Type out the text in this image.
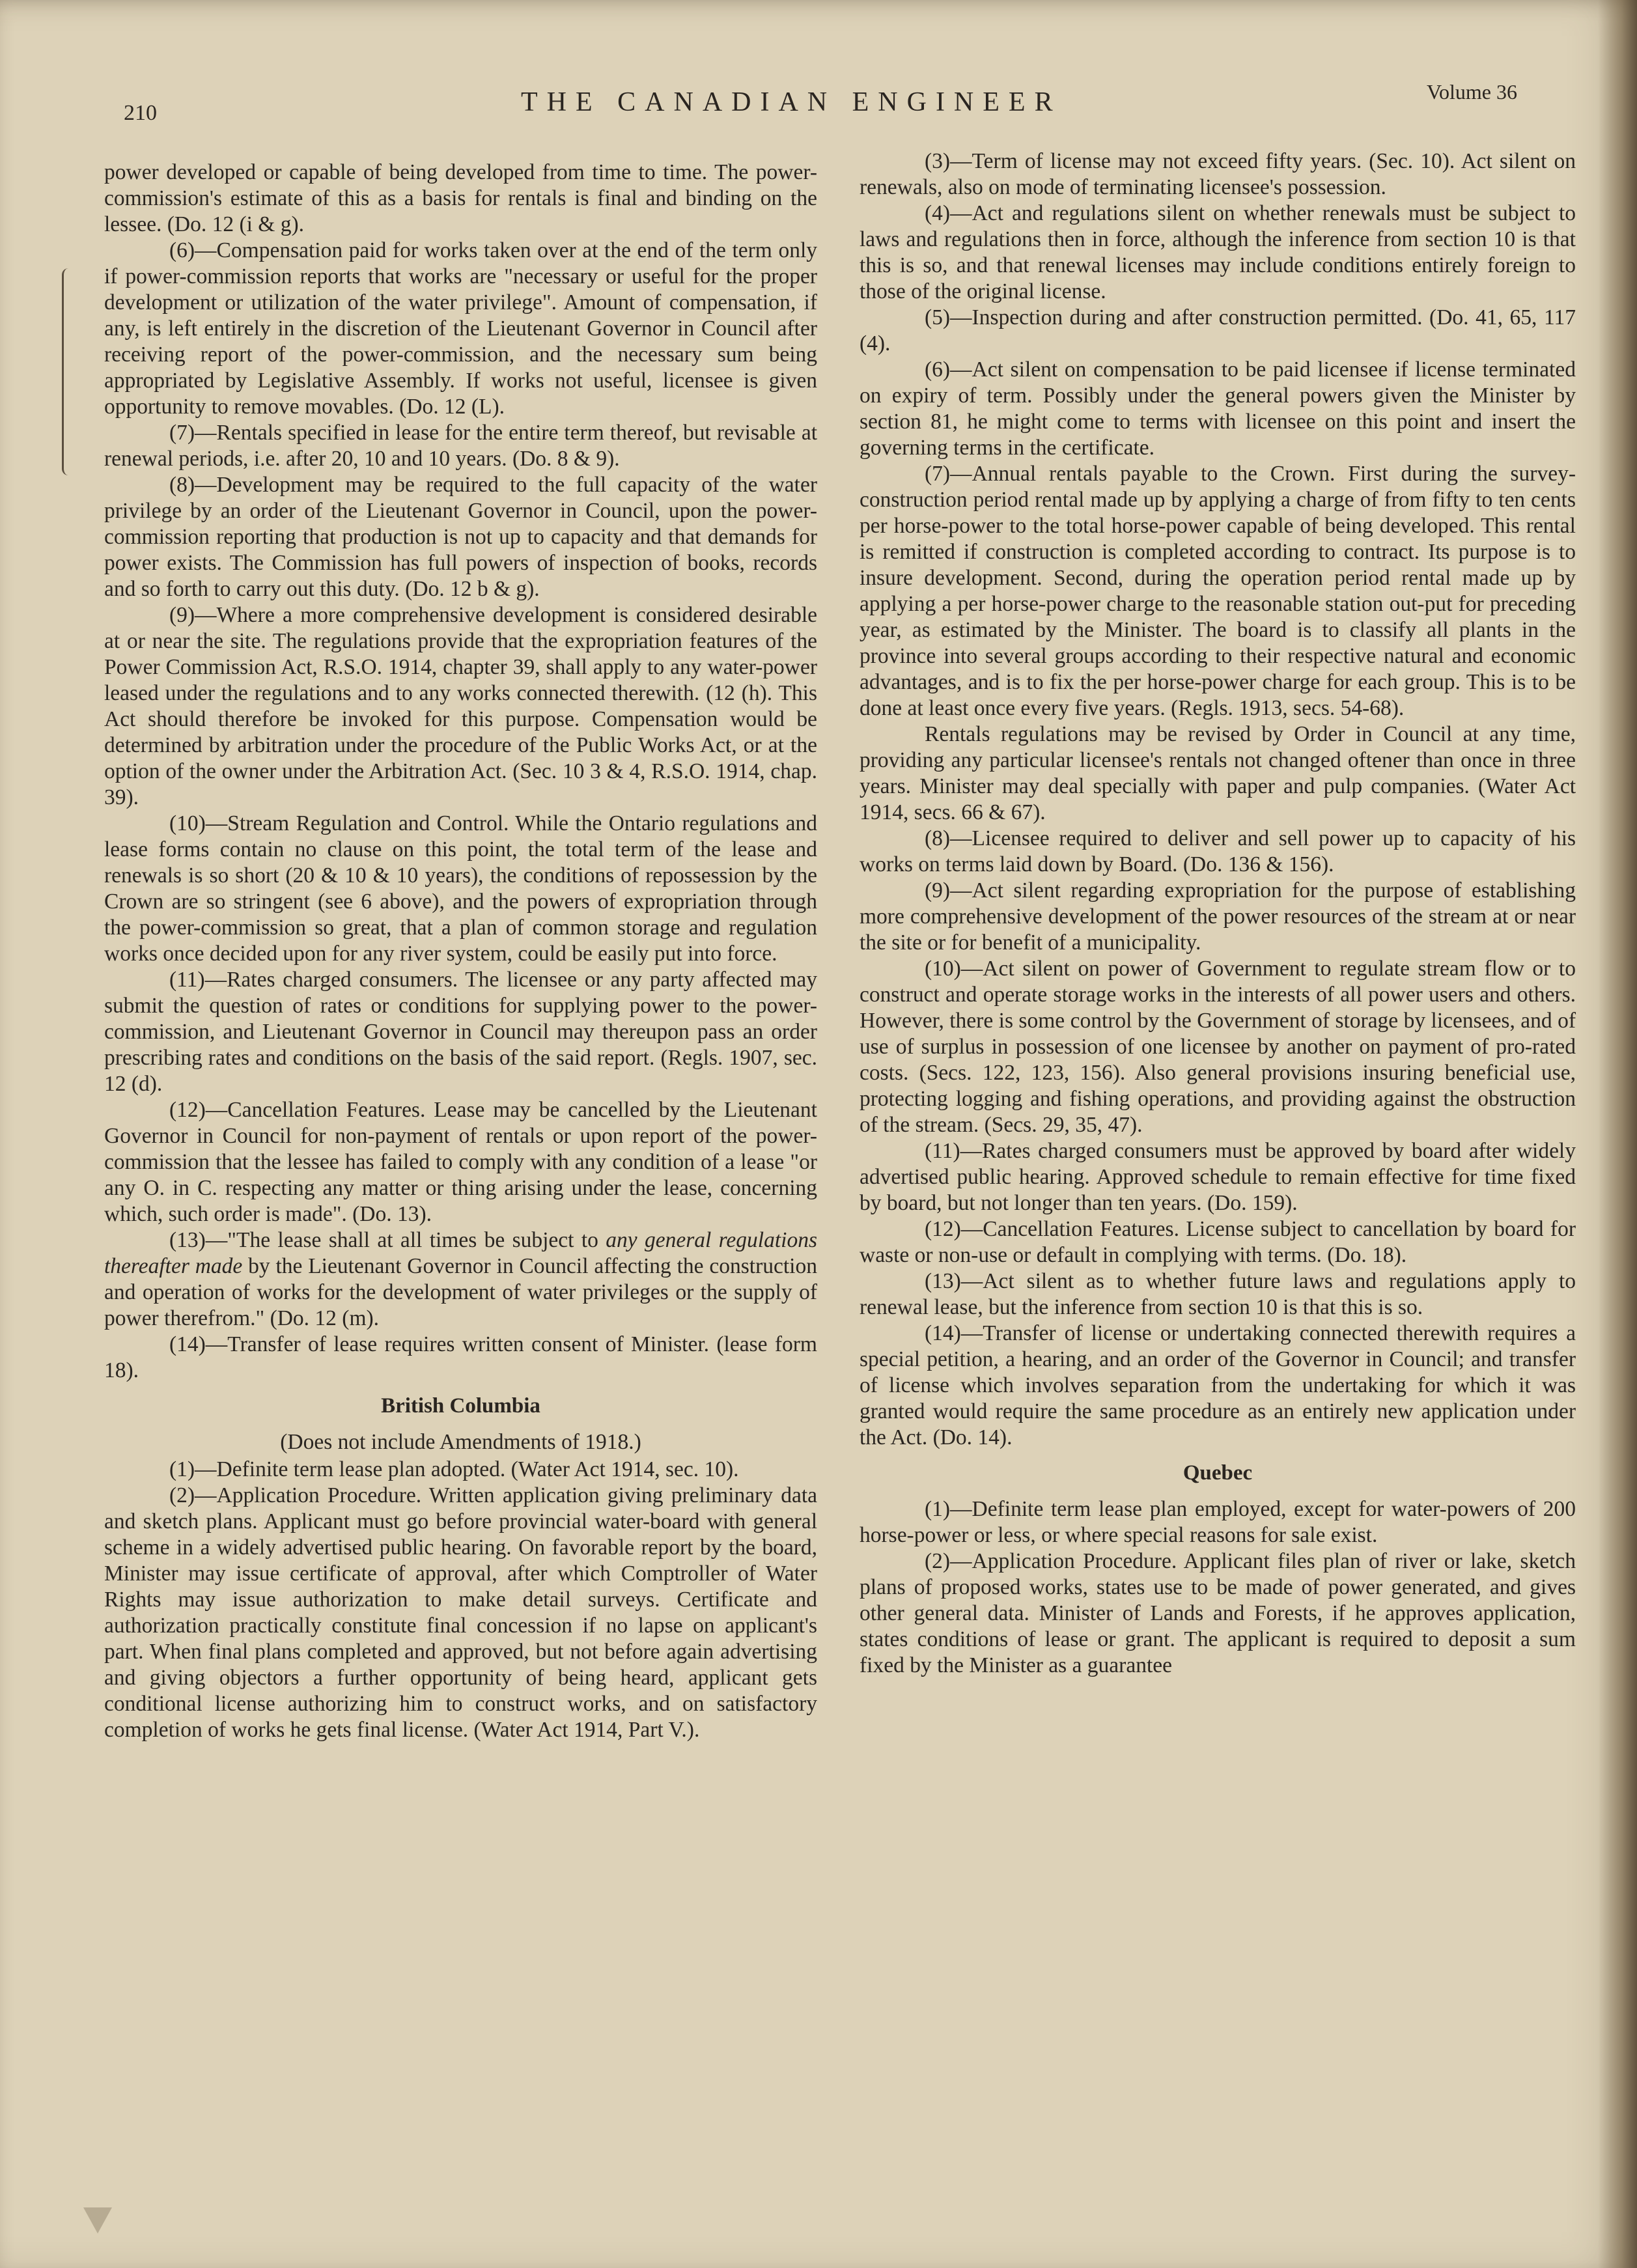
210	THE CANADIAN ENGINEER	Volume 36

power developed or capable of being developed from time to time. The power-commission's estimate of this as a basis for rentals is final and binding on the lessee. (Do. 12 (i & g).

(6)—Compensation paid for works taken over at the end of the term only if power-commission reports that works are "necessary or useful for the proper development or utilization of the water privilege". Amount of compensation, if any, is left entirely in the discretion of the Lieutenant Governor in Council after receiving report of the power-commission, and the necessary sum being appropriated by Legislative Assembly. If works not useful, licensee is given opportunity to remove movables. (Do. 12 (L).

(7)—Rentals specified in lease for the entire term thereof, but revisable at renewal periods, i.e. after 20, 10 and 10 years. (Do. 8 & 9).

(8)—Development may be required to the full capacity of the water privilege by an order of the Lieutenant Governor in Council, upon the power-commission reporting that production is not up to capacity and that demands for power exists. The Commission has full powers of inspection of books, records and so forth to carry out this duty. (Do. 12 b & g).

(9)—Where a more comprehensive development is considered desirable at or near the site. The regulations provide that the expropriation features of the Power Commission Act, R.S.O. 1914, chapter 39, shall apply to any water-power leased under the regulations and to any works connected therewith. (12 (h). This Act should therefore be invoked for this purpose. Compensation would be determined by arbitration under the procedure of the Public Works Act, or at the option of the owner under the Arbitration Act. (Sec. 10 3 & 4, R.S.O. 1914, chap. 39).

(10)—Stream Regulation and Control. While the Ontario regulations and lease forms contain no clause on this point, the total term of the lease and renewals is so short (20 & 10 & 10 years), the conditions of repossession by the Crown are so stringent (see 6 above), and the powers of expropriation through the power-commission so great, that a plan of common storage and regulation works once decided upon for any river system, could be easily put into force.

(11)—Rates charged consumers. The licensee or any party affected may submit the question of rates or conditions for supplying power to the power-commission, and Lieutenant Governor in Council may thereupon pass an order prescribing rates and conditions on the basis of the said report. (Regls. 1907, sec. 12 (d).

(12)—Cancellation Features. Lease may be cancelled by the Lieutenant Governor in Council for non-payment of rentals or upon report of the power-commission that the lessee has failed to comply with any condition of a lease "or any O. in C. respecting any matter or thing arising under the lease, concerning which, such order is made". (Do. 13).

(13)—"The lease shall at all times be subject to any general regulations thereafter made by the Lieutenant Governor in Council affecting the construction and operation of works for the development of water privileges or the supply of power therefrom." (Do. 12 (m).

(14)—Transfer of lease requires written consent of Minister. (lease form 18).

British Columbia

(Does not include Amendments of 1918.)

(1)—Definite term lease plan adopted. (Water Act 1914, sec. 10).

(2)—Application Procedure. Written application giving preliminary data and sketch plans. Applicant must go before provincial water-board with general scheme in a widely advertised public hearing. On favorable report by the board, Minister may issue certificate of approval, after which Comptroller of Water Rights may issue authorization to make detail surveys. Certificate and authorization practically constitute final concession if no lapse on applicant's part. When final plans completed and approved, but not before again advertising and giving objectors a further opportunity of being heard, applicant gets conditional license authorizing him to construct works, and on satisfactory completion of works he gets final license. (Water Act 1914, Part V.).

(3)—Term of license may not exceed fifty years. (Sec. 10). Act silent on renewals, also on mode of terminating licensee's possession.

(4)—Act and regulations silent on whether renewals must be subject to laws and regulations then in force, although the inference from section 10 is that this is so, and that renewal licenses may include conditions entirely foreign to those of the original license.

(5)—Inspection during and after construction permitted. (Do. 41, 65, 117 (4).

(6)—Act silent on compensation to be paid licensee if license terminated on expiry of term. Possibly under the general powers given the Minister by section 81, he might come to terms with licensee on this point and insert the governing terms in the certificate.

(7)—Annual rentals payable to the Crown. First during the survey-construction period rental made up by applying a charge of from fifty to ten cents per horse-power to the total horse-power capable of being developed. This rental is remitted if construction is completed according to contract. Its purpose is to insure development. Second, during the operation period rental made up by applying a per horse-power charge to the reasonable station out-put for preceding year, as estimated by the Minister. The board is to classify all plants in the province into several groups according to their respective natural and economic advantages, and is to fix the per horse-power charge for each group. This is to be done at least once every five years. (Regls. 1913, secs. 54-68).

Rentals regulations may be revised by Order in Council at any time, providing any particular licensee's rentals not changed oftener than once in three years. Minister may deal specially with paper and pulp companies. (Water Act 1914, secs. 66 & 67).

(8)—Licensee required to deliver and sell power up to capacity of his works on terms laid down by Board. (Do. 136 & 156).

(9)—Act silent regarding expropriation for the purpose of establishing more comprehensive development of the power resources of the stream at or near the site or for benefit of a municipality.

(10)—Act silent on power of Government to regulate stream flow or to construct and operate storage works in the interests of all power users and others. However, there is some control by the Government of storage by licensees, and of use of surplus in possession of one licensee by another on payment of pro-rated costs. (Secs. 122, 123, 156). Also general provisions insuring beneficial use, protecting logging and fishing operations, and providing against the obstruction of the stream. (Secs. 29, 35, 47).

(11)—Rates charged consumers must be approved by board after widely advertised public hearing. Approved schedule to remain effective for time fixed by board, but not longer than ten years. (Do. 159).

(12)—Cancellation Features. License subject to cancellation by board for waste or non-use or default in complying with terms. (Do. 18).

(13)—Act silent as to whether future laws and regulations apply to renewal lease, but the inference from section 10 is that this is so.

(14)—Transfer of license or undertaking connected therewith requires a special petition, a hearing, and an order of the Governor in Council; and transfer of license which involves separation from the undertaking for which it was granted would require the same procedure as an entirely new application under the Act. (Do. 14).

Quebec

(1)—Definite term lease plan employed, except for water-powers of 200 horse-power or less, or where special reasons for sale exist.

(2)—Application Procedure. Applicant files plan of river or lake, sketch plans of proposed works, states use to be made of power generated, and gives other general data. Minister of Lands and Forests, if he approves application, states conditions of lease or grant. The applicant is required to deposit a sum fixed by the Minister as a guarantee
